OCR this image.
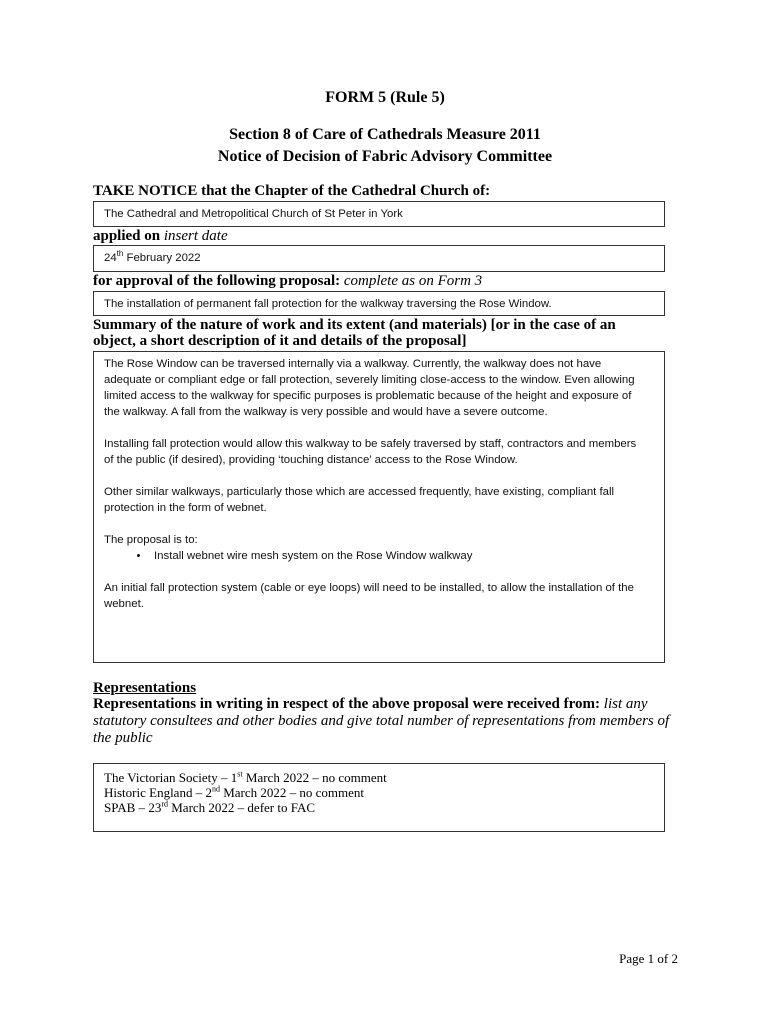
FORM 5 (Rule 5)
Section 8 of Care of Cathedrals Measure 2011
Notice of Decision of Fabric Advisory Committee
TAKE NOTICE that the Chapter of the Cathedral Church of:
The Cathedral and Metropolitical Church of St Peter in York
applied on insert date
24th February 2022
for approval of the following proposal: complete as on Form 3
The installation of permanent fall protection for the walkway traversing the Rose Window.
Summary of the nature of work and its extent (and materials) [or in the case of an
object, a short description of it and details of the proposal]

The Rose Window can be traversed internally via a walkway. Currently, the walkway does not have adequate or compliant edge or fall protection, severely limiting close-access to the window. Even allowing limited access to the walkway for specific purposes is problematic because of the height and exposure of the walkway. A fall from the walkway is very possible and would have a severe outcome.

Installing fall protection would allow this walkway to be safely traversed by staff, contractors and members of the public (if desired), providing ‘touching distance’ access to the Rose Window.

Other similar walkways, particularly those which are accessed frequently, have existing, compliant fall protection in the form of webnet.

The proposal is to:

• Install webnet wire mesh system on the Rose Window walkway

An initial fall protection system (cable or eye loops) will need to be installed, to allow the installation of the webnet.

Representations
Representations in writing in respect of the above proposal were received from: list any statutory consultees and other bodies and give total number of representations from members of the public
The Victorian Society – 1st March 2022 – no comment
Historic England – 2nd March 2022 – no comment
SPAB – 23rd March 2022 – defer to FAC
Page 1 of 2
